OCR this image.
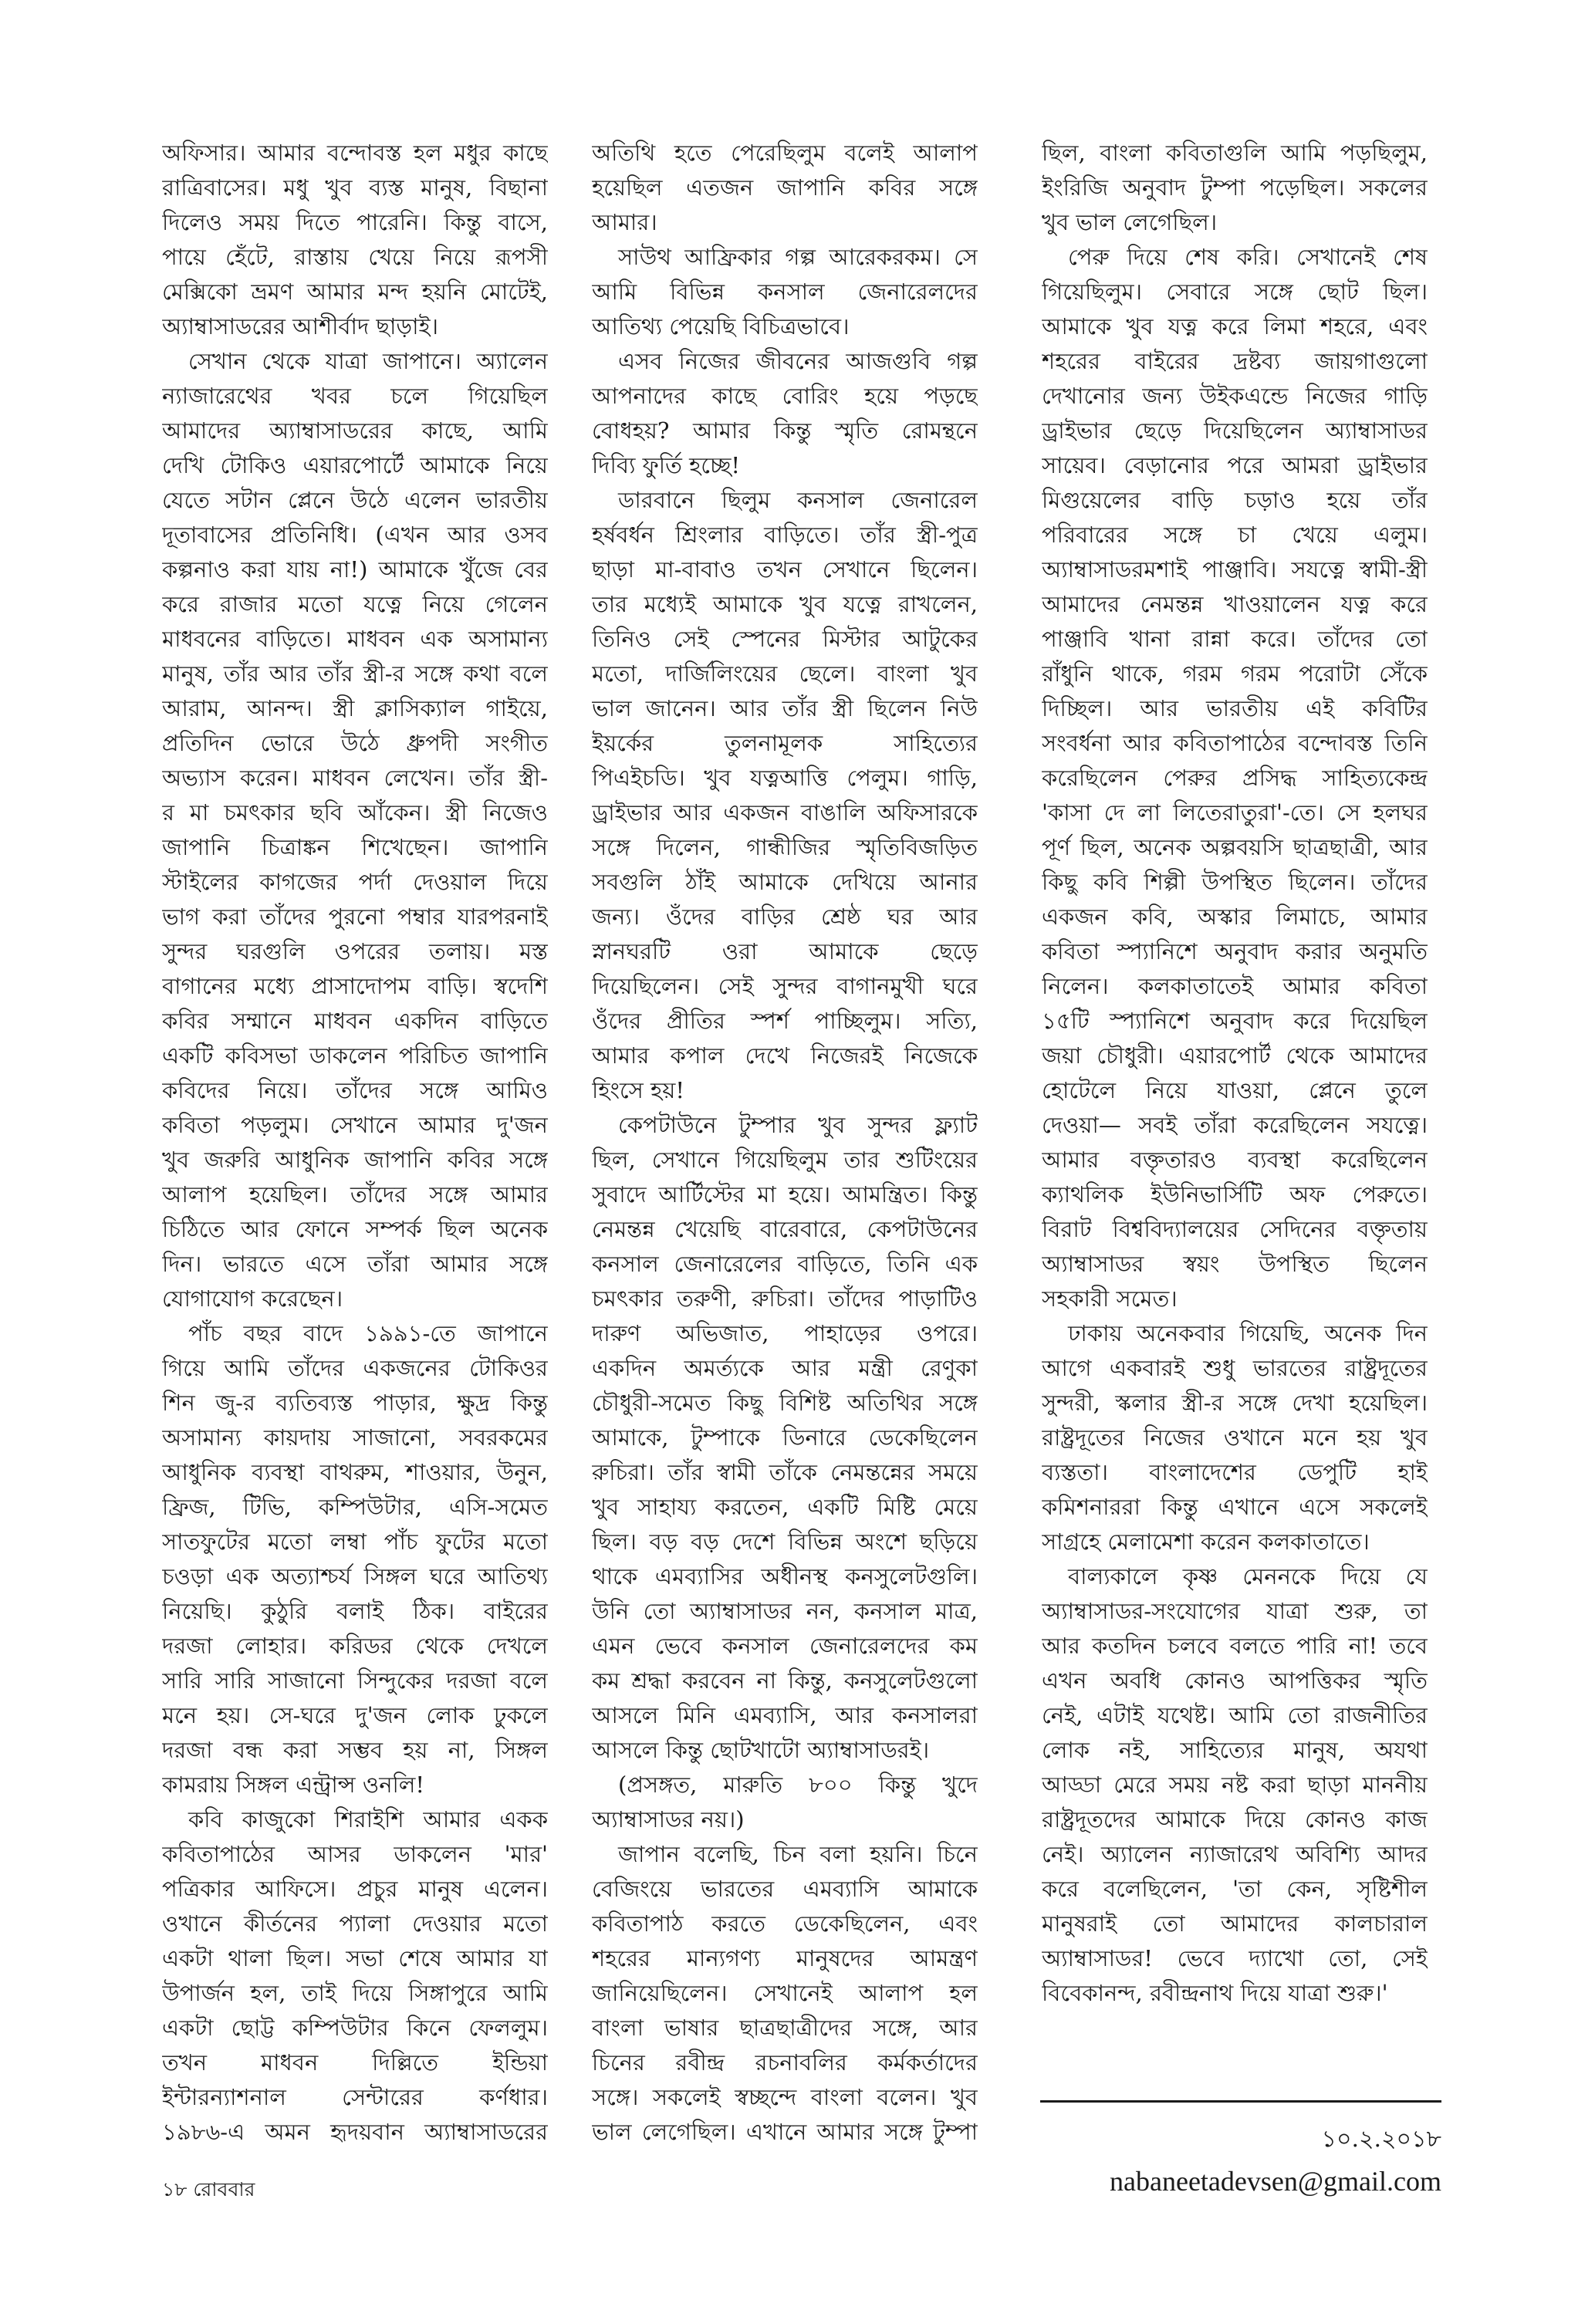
অফিসার। আমার বন্দোবস্ত হল মধুর কাছে
রাত্রিবাসের। মধু খুব ব্যস্ত মানুষ, বিছানা
দিলেও সময় দিতে পারেনি। কিন্তু বাসে,
পায়ে হেঁটে, রাস্তায় খেয়ে নিয়ে রূপসী
মেক্সিকো ভ্রমণ আমার মন্দ হয়নি মোটেই,
অ্যাম্বাসাডরের আশীর্বাদ ছাড়াই।
সেখান থেকে যাত্রা জাপানে। অ্যালেন
ন্যাজারেথের খবর চলে গিয়েছিল
আমাদের অ্যাম্বাসাডরের কাছে, আমি
দেখি টোকিও এয়ারপোর্টে আমাকে নিয়ে
যেতে সটান প্লেনে উঠে এলেন ভারতীয়
দূতাবাসের প্রতিনিধি। (এখন আর ওসব
কল্পনাও করা যায় না!) আমাকে খুঁজে বের
করে রাজার মতো যত্নে নিয়ে গেলেন
মাধবনের বাড়িতে। মাধবন এক অসামান্য
মানুষ, তাঁর আর তাঁর স্ত্রী-র সঙ্গে কথা বলে
আরাম, আনন্দ। স্ত্রী ক্লাসিক্যাল গাইয়ে,
প্রতিদিন ভোরে উঠে ধ্রুপদী সংগীত
অভ্যাস করেন। মাধবন লেখেন। তাঁর স্ত্রী-
র মা চমৎকার ছবি আঁকেন। স্ত্রী নিজেও
জাপানি চিত্রাঙ্কন শিখেছেন। জাপানি
স্টাইলের কাগজের পর্দা দেওয়াল দিয়ে
ভাগ করা তাঁদের পুরনো পম্বার যারপরনাই
সুন্দর ঘরগুলি ওপরের তলায়। মস্ত
বাগানের মধ্যে প্রাসাদোপম বাড়ি। স্বদেশি
কবির সম্মানে মাধবন একদিন বাড়িতে
একটি কবিসভা ডাকলেন পরিচিত জাপানি
কবিদের নিয়ে। তাঁদের সঙ্গে আমিও
কবিতা পড়লুম। সেখানে আমার দু'জন
খুব জরুরি আধুনিক জাপানি কবির সঙ্গে
আলাপ হয়েছিল। তাঁদের সঙ্গে আমার
চিঠিতে আর ফোনে সম্পর্ক ছিল অনেক
দিন। ভারতে এসে তাঁরা আমার সঙ্গে
যোগাযোগ করেছেন।
পাঁচ বছর বাদে ১৯৯১-তে জাপানে
গিয়ে আমি তাঁদের একজনের টোকিওর
শিন জু-র ব্যতিব্যস্ত পাড়ার, ক্ষুদ্র কিন্তু
অসামান্য কায়দায় সাজানো, সবরকমের
আধুনিক ব্যবস্থা বাথরুম, শাওয়ার, উনুন,
ফ্রিজ, টিভি, কম্পিউটার, এসি-সমেত
সাতফুটের মতো লম্বা পাঁচ ফুটের মতো
চওড়া এক অত্যাশ্চর্য সিঙ্গল ঘরে আতিথ্য
নিয়েছি। কুঠুরি বলাই ঠিক। বাইরের
দরজা লোহার। করিডর থেকে দেখলে
সারি সারি সাজানো সিন্দুকের দরজা বলে
মনে হয়। সে-ঘরে দু'জন লোক ঢুকলে
দরজা বন্ধ করা সম্ভব হয় না, সিঙ্গল
কামরায় সিঙ্গল এন্ট্রান্স ওনলি!
কবি কাজুকো শিরাইশি আমার একক
কবিতাপাঠের আসর ডাকলেন 'মার'
পত্রিকার আফিসে। প্রচুর মানুষ এলেন।
ওখানে কীর্তনের প্যালা দেওয়ার মতো
একটা থালা ছিল। সভা শেষে আমার যা
উপার্জন হল, তাই দিয়ে সিঙ্গাপুরে আমি
একটা ছোট্ট কম্পিউটার কিনে ফেললুম।
তখন মাধবন দিল্লিতে ইন্ডিয়া
ইন্টারন্যাশনাল সেন্টারের কর্ণধার।
১৯৮৬-এ অমন হৃদয়বান অ্যাম্বাসাডরের
অতিথি হতে পেরেছিলুম বলেই আলাপ
হয়েছিল এতজন জাপানি কবির সঙ্গে
আমার।
সাউথ আফ্রিকার গল্প আরেকরকম। সে
আমি বিভিন্ন কনসাল জেনারেলদের
আতিথ্য পেয়েছি বিচিত্রভাবে।
এসব নিজের জীবনের আজগুবি গল্প
আপনাদের কাছে বোরিং হয়ে পড়ছে
বোধহয়? আমার কিন্তু স্মৃতি রোমন্থনে
দিব্যি ফুর্তি হচ্ছে!
ডারবানে ছিলুম কনসাল জেনারেল
হর্ষবর্ধন শ্রিংলার বাড়িতে। তাঁর স্ত্রী-পুত্র
ছাড়া মা-বাবাও তখন সেখানে ছিলেন।
তার মধ্যেই আমাকে খুব যত্নে রাখলেন,
তিনিও সেই স্পেনের মিস্টার আটুকের
মতো, দার্জিলিংয়ের ছেলে। বাংলা খুব
ভাল জানেন। আর তাঁর স্ত্রী ছিলেন নিউ
ইয়র্কের তুলনামূলক সাহিত্যের
পিএইচডি। খুব যত্নআত্তি পেলুম। গাড়ি,
ড্রাইভার আর একজন বাঙালি অফিসারকে
সঙ্গে দিলেন, গান্ধীজির স্মৃতিবিজড়িত
সবগুলি ঠাঁই আমাকে দেখিয়ে আনার
জন্য। ওঁদের বাড়ির শ্রেষ্ঠ ঘর আর
স্নানঘরটি ওরা আমাকে ছেড়ে
দিয়েছিলেন। সেই সুন্দর বাগানমুখী ঘরে
ওঁদের প্রীতির স্পর্শ পাচ্ছিলুম। সত্যি,
আমার কপাল দেখে নিজেরই নিজেকে
হিংসে হয়!
কেপটাউনে টুম্পার খুব সুন্দর ফ্ল্যাট
ছিল, সেখানে গিয়েছিলুম তার শুটিংয়ের
সুবাদে আর্টিস্টের মা হয়ে। আমন্ত্রিত। কিন্তু
নেমন্তন্ন খেয়েছি বারেবারে, কেপটাউনের
কনসাল জেনারেলের বাড়িতে, তিনি এক
চমৎকার তরুণী, রুচিরা। তাঁদের পাড়াটিও
দারুণ অভিজাত, পাহাড়ের ওপরে।
একদিন অমর্ত্যকে আর মন্ত্রী রেণুকা
চৌধুরী-সমেত কিছু বিশিষ্ট অতিথির সঙ্গে
আমাকে, টুম্পাকে ডিনারে ডেকেছিলেন
রুচিরা। তাঁর স্বামী তাঁকে নেমন্তন্নের সময়ে
খুব সাহায্য করতেন, একটি মিষ্টি মেয়ে
ছিল। বড় বড় দেশে বিভিন্ন অংশে ছড়িয়ে
থাকে এমব্যাসির অধীনস্থ কনসুলেটগুলি।
উনি তো অ্যাম্বাসাডর নন, কনসাল মাত্র,
এমন ভেবে কনসাল জেনারেলদের কম
কম শ্রদ্ধা করবেন না কিন্তু, কনসুলেটগুলো
আসলে মিনি এমব্যাসি, আর কনসালরা
আসলে কিন্তু ছোটখাটো অ্যাম্বাসাডরই।
(প্রসঙ্গত, মারুতি ৮০০ কিন্তু খুদে
অ্যাম্বাসাডর নয়।)
জাপান বলেছি, চিন বলা হয়নি। চিনে
বেজিংয়ে ভারতের এমব্যাসি আমাকে
কবিতাপাঠ করতে ডেকেছিলেন, এবং
শহরের মান্যগণ্য মানুষদের আমন্ত্রণ
জানিয়েছিলেন। সেখানেই আলাপ হল
বাংলা ভাষার ছাত্রছাত্রীদের সঙ্গে, আর
চিনের রবীন্দ্র রচনাবলির কর্মকর্তাদের
সঙ্গে। সকলেই স্বচ্ছন্দে বাংলা বলেন। খুব
ভাল লেগেছিল। এখানে আমার সঙ্গে টুম্পা
ছিল, বাংলা কবিতাগুলি আমি পড়ছিলুম,
ইংরিজি অনুবাদ টুম্পা পড়েছিল। সকলের
খুব ভাল লেগেছিল।
পেরু দিয়ে শেষ করি। সেখানেই শেষ
গিয়েছিলুম। সেবারে সঙ্গে ছোট ছিল।
আমাকে খুব যত্ন করে লিমা শহরে, এবং
শহরের বাইরের দ্রষ্টব্য জায়গাগুলো
দেখানোর জন্য উইকএন্ডে নিজের গাড়ি
ড্রাইভার ছেড়ে দিয়েছিলেন অ্যাম্বাসাডর
সায়েব। বেড়ানোর পরে আমরা ড্রাইভার
মিগুয়েলের বাড়ি চড়াও হয়ে তাঁর
পরিবারের সঙ্গে চা খেয়ে এলুম।
অ্যাম্বাসাডরমশাই পাঞ্জাবি। সযত্নে স্বামী-স্ত্রী
আমাদের নেমন্তন্ন খাওয়ালেন যত্ন করে
পাঞ্জাবি খানা রান্না করে। তাঁদের তো
রাঁধুনি থাকে, গরম গরম পরোটা সেঁকে
দিচ্ছিল। আর ভারতীয় এই কবিটির
সংবর্ধনা আর কবিতাপাঠের বন্দোবস্ত তিনি
করেছিলেন পেরুর প্রসিদ্ধ সাহিত্যকেন্দ্র
'কাসা দে লা লিতেরাতুরা'-তে। সে হলঘর
পূর্ণ ছিল, অনেক অল্পবয়সি ছাত্রছাত্রী, আর
কিছু কবি শিল্পী উপস্থিত ছিলেন। তাঁদের
একজন কবি, অস্কার লিমাচে, আমার
কবিতা স্প্যানিশে অনুবাদ করার অনুমতি
নিলেন। কলকাতাতেই আমার কবিতা
১৫টি স্প্যানিশে অনুবাদ করে দিয়েছিল
জয়া চৌধুরী। এয়ারপোর্ট থেকে আমাদের
হোটেলে নিয়ে যাওয়া, প্লেনে তুলে
দেওয়া— সবই তাঁরা করেছিলেন সযত্নে।
আমার বক্তৃতারও ব্যবস্থা করেছিলেন
ক্যাথলিক ইউনিভার্সিটি অফ পেরুতে।
বিরাট বিশ্ববিদ্যালয়ের সেদিনের বক্তৃতায়
অ্যাম্বাসাডর স্বয়ং উপস্থিত ছিলেন
সহকারী সমেত।
ঢাকায় অনেকবার গিয়েছি, অনেক দিন
আগে একবারই শুধু ভারতের রাষ্ট্রদূতের
সুন্দরী, স্কলার স্ত্রী-র সঙ্গে দেখা হয়েছিল।
রাষ্ট্রদূতের নিজের ওখানে মনে হয় খুব
ব্যস্ততা। বাংলাদেশের ডেপুটি হাই
কমিশনাররা কিন্তু এখানে এসে সকলেই
সাগ্রহে মেলামেশা করেন কলকাতাতে।
বাল্যকালে কৃষ্ণ মেননকে দিয়ে যে
অ্যাম্বাসাডর-সংযোগের যাত্রা শুরু, তা
আর কতদিন চলবে বলতে পারি না! তবে
এখন অবধি কোনও আপত্তিকর স্মৃতি
নেই, এটাই যথেষ্ট। আমি তো রাজনীতির
লোক নই, সাহিত্যের মানুষ, অযথা
আড্ডা মেরে সময় নষ্ট করা ছাড়া মাননীয়
রাষ্ট্রদূতদের আমাকে দিয়ে কোনও কাজ
নেই। অ্যালেন ন্যাজারেথ অবিশ্যি আদর
করে বলেছিলেন, 'তা কেন, সৃষ্টিশীল
মানুষরাই তো আমাদের কালচারাল
অ্যাম্বাসাডর! ভেবে দ্যাখো তো, সেই
বিবেকানন্দ, রবীন্দ্রনাথ দিয়ে যাত্রা শুরু।'
১০.২.২০১৮
nabaneetadevsen@gmail.com
১৮ রোববার
